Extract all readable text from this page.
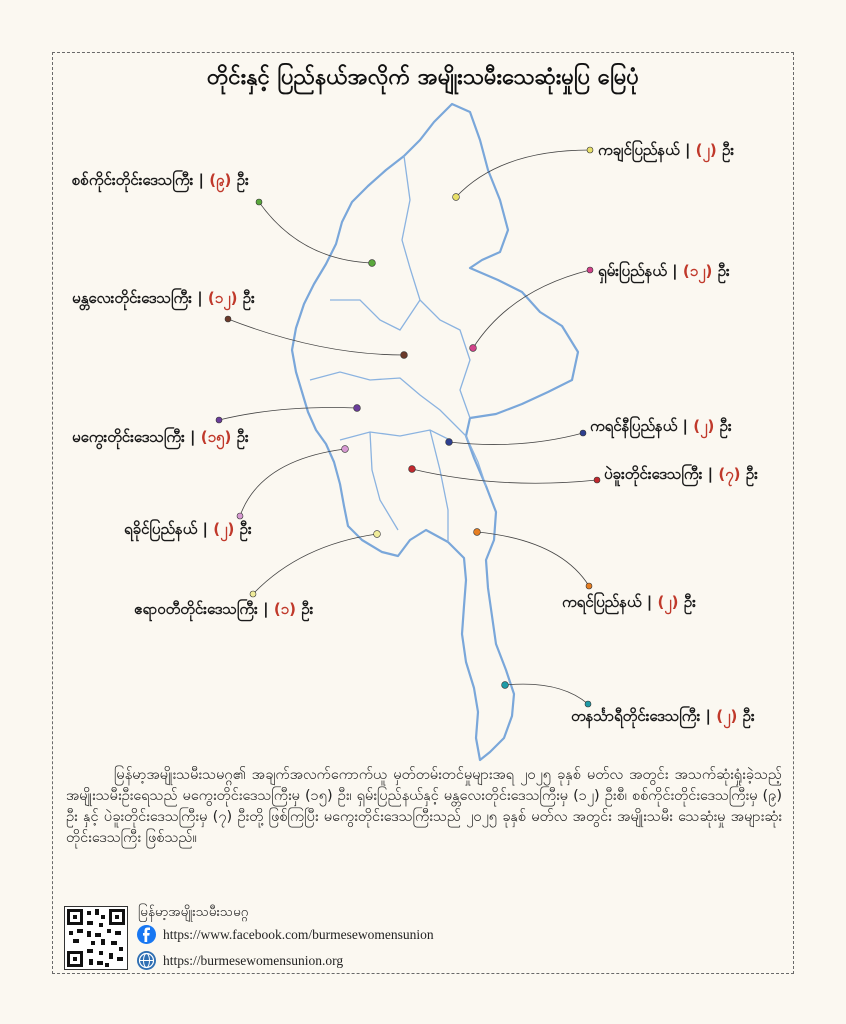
တိုင်းနှင့် ပြည်နယ်အလိုက် အမျိုးသမီးသေဆုံးမှုပြ မြေပုံ
စစ်ကိုင်းတိုင်းဒေသကြီး | (၉) ဦး
ကချင်ပြည်နယ် | (၂) ဦး
မန္တလေးတိုင်းဒေသကြီး | (၁၂) ဦး
ရှမ်းပြည်နယ် | (၁၂) ဦး
မကွေးတိုင်းဒေသကြီး | (၁၅) ဦး
ကရင်နီပြည်နယ် | (၂) ဦး
ပဲခူးတိုင်းဒေသကြီး | (၇) ဦး
ရခိုင်ပြည်နယ် | (၂) ဦး
ဧရာဝတီတိုင်းဒေသကြီး | (၁) ဦး	ကရင်ပြည်နယ် | (၂) ဦး
တနင်္သာရီတိုင်းဒေသကြီး | (၂) ဦး
မြန်မာ့အမျိုးသမီးသမဂ္ဂ၏ အချက်အလက်ကောက်ယူ မှတ်တမ်းတင်မှုများအရ ၂၀၂၅ ခုနှစ် မတ်လ အတွင်း အသက်ဆုံးရှုံးခဲ့သည့် အမျိုးသမီးဦးရေသည် မကွေးတိုင်းဒေသကြီးမှ (၁၅) ဦး၊ ရှမ်းပြည်နယ်နှင့် မန္တလေးတိုင်းဒေသကြီးမှ (၁၂) ဦးစီ၊ စစ်ကိုင်းတိုင်းဒေသကြီးမှ (၉) ဦး နှင့် ပဲခူးတိုင်းဒေသကြီးမှ (၇) ဦးတို့ ဖြစ်ကြပြီး မကွေးတိုင်းဒေသကြီးသည် ၂၀၂၅ ခုနှစ် မတ်လ အတွင်း အမျိုးသမီး သေဆုံးမှု အများဆုံး တိုင်းဒေသကြီး ဖြစ်သည်။
မြန်မာ့အမျိုးသမီးသမဂ္ဂ
https://www.facebook.com/burmesewomensunion
https://burmesewomensunion.org
